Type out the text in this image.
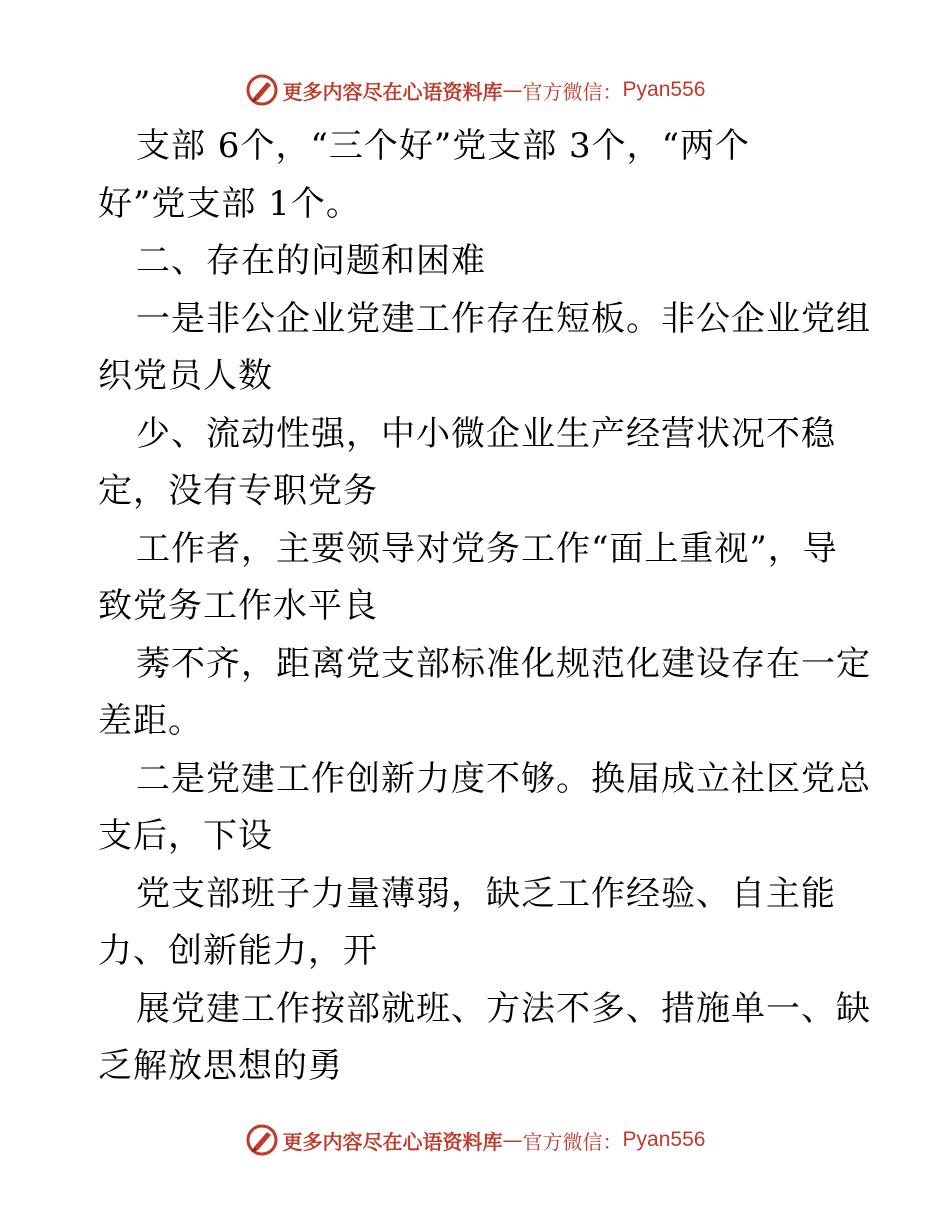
更多内容尽在心语资料库 — 官方微信： Pyan556
支部 6个，“三个好”党支部 3个，“两个
好”党支部 1个。
二、存在的问题和困难
一是非公企业党建工作存在短板。非公企业党组
织党员人数
少、流动性强，中小微企业生产经营状况不稳
定，没有专职党务
工作者，主要领导对党务工作“面上重视”，导
致党务工作水平良
莠不齐，距离党支部标准化规范化建设存在一定
差距。
二是党建工作创新力度不够。换届成立社区党总
支后，下设
党支部班子力量薄弱，缺乏工作经验、自主能
力、创新能力，开
展党建工作按部就班、方法不多、措施单一、缺
乏解放思想的勇
更多内容尽在心语资料库 — 官方微信： Pyan556
